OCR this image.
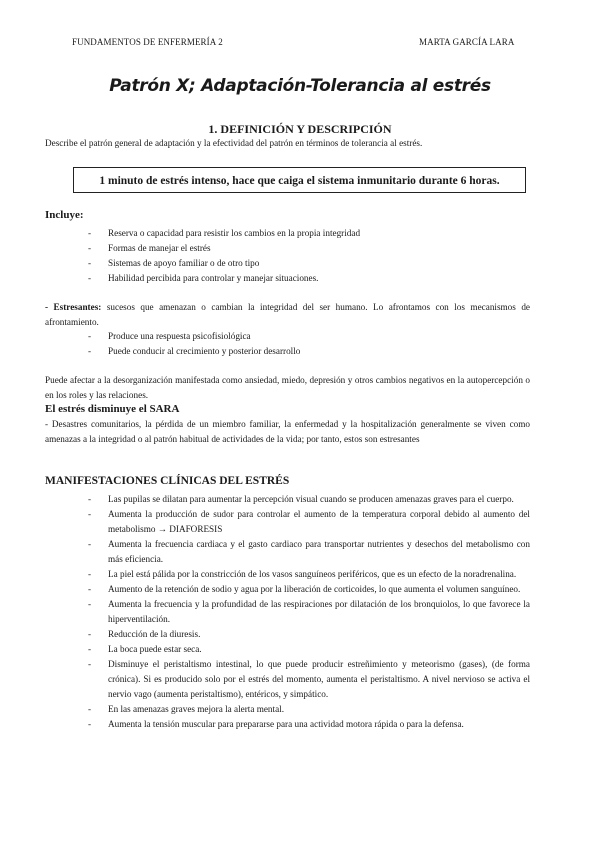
FUNDAMENTOS DE ENFERMERÍA 2	MARTA GARCÍA LARA
Patrón X; Adaptación-Tolerancia al estrés
1. DEFINICIÓN Y DESCRIPCIÓN
Describe el patrón general de adaptación y la efectividad del patrón en términos de tolerancia al estrés.
1 minuto de estrés intenso, hace que caiga el sistema inmunitario durante 6 horas.
Incluye:
- Reserva o capacidad para resistir los cambios en la propia integridad
- Formas de manejar el estrés
- Sistemas de apoyo familiar o de otro tipo
- Habilidad percibida para controlar y manejar situaciones.
- Estresantes: sucesos que amenazan o cambian la integridad del ser humano. Lo afrontamos con los mecanismos de afrontamiento.
- Produce una respuesta psicofisiológica
- Puede conducir al crecimiento y posterior desarrollo
Puede afectar a la desorganización manifestada como ansiedad, miedo, depresión y otros cambios negativos en la autopercepción o en los roles y las relaciones.
El estrés disminuye el SARA
- Desastres comunitarios, la pérdida de un miembro familiar, la enfermedad y la hospitalización generalmente se viven como amenazas a la integridad o al patrón habitual de actividades de la vida; por tanto, estos son estresantes
MANIFESTACIONES CLÍNICAS DEL ESTRÉS
- Las pupilas se dilatan para aumentar la percepción visual cuando se producen amenazas graves para el cuerpo.
- Aumenta la producción de sudor para controlar el aumento de la temperatura corporal debido al aumento del metabolismo → DIAFORESIS
- Aumenta la frecuencia cardiaca y el gasto cardiaco para transportar nutrientes y desechos del metabolismo con más eficiencia.
- La piel está pálida por la constricción de los vasos sanguíneos periféricos, que es un efecto de la noradrenalina.
- Aumento de la retención de sodio y agua por la liberación de corticoides, lo que aumenta el volumen sanguíneo.
- Aumenta la frecuencia y la profundidad de las respiraciones por dilatación de los bronquiolos, lo que favorece la hiperventilación.
- Reducción de la diuresis.
- La boca puede estar seca.
- Disminuye el peristaltismo intestinal, lo que puede producir estreñimiento y meteorismo (gases), (de forma crónica). Si es producido solo por el estrés del momento, aumenta el peristaltismo. A nivel nervioso se activa el nervio vago (aumenta peristaltismo), entéricos, y simpático.
- En las amenazas graves mejora la alerta mental.
- Aumenta la tensión muscular para prepararse para una actividad motora rápida o para la defensa.
